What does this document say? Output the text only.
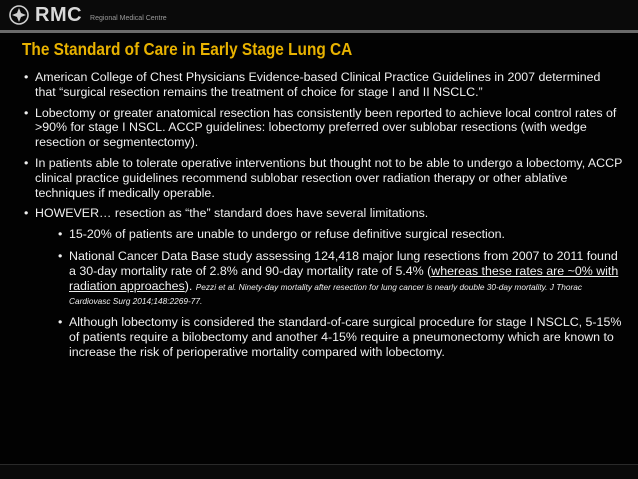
RMC Regional Medical Centre
The Standard of Care in Early Stage Lung CA
• American College of Chest Physicians Evidence-based Clinical Practice Guidelines in 2007 determined that “surgical resection remains the treatment of choice for stage I and II NSCLC.”
• Lobectomy or greater anatomical resection has consistently been reported to achieve local control rates of >90% for stage I NSCL. ACCP guidelines: lobectomy preferred over sublobar resections (with wedge resection or segmentectomy).
• In patients able to tolerate operative interventions but thought not to be able to undergo a lobectomy, ACCP clinical practice guidelines recommend sublobar resection over radiation therapy or other ablative techniques if medically operable.
• HOWEVER… resection as “the” standard does have several limitations.
• 15-20% of patients are unable to undergo or refuse definitive surgical resection.
• National Cancer Data Base study assessing 124,418 major lung resections from 2007 to 2011 found a 30-day mortality rate of 2.8% and 90-day mortality rate of 5.4% (whereas these rates are ~0% with radiation approaches). Pezzi et al. Ninety-day mortality after resection for lung cancer is nearly double 30-day mortality. J Thorac Cardiovasc Surg 2014;148:2269-77.
• Although lobectomy is considered the standard-of-care surgical procedure for stage I NSCLC, 5-15% of patients require a bilobectomy and another 4-15% require a pneumonectomy which are known to increase the risk of perioperative mortality compared with lobectomy.
